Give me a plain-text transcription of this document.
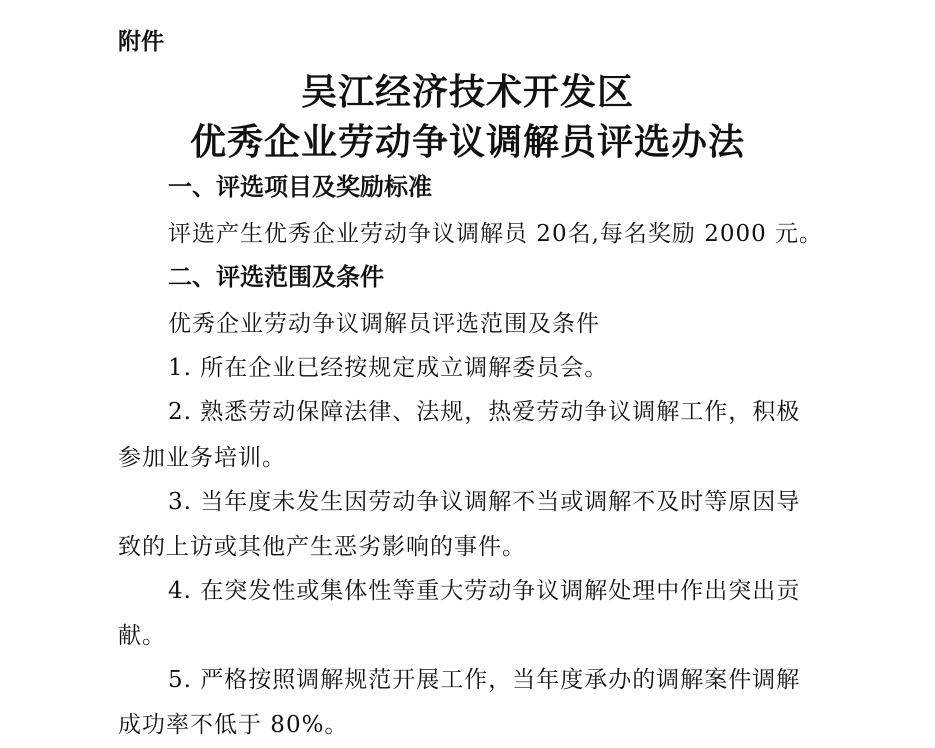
附件
吴江经济技术开发区
优秀企业劳动争议调解员评选办法
一、评选项目及奖励标准
评选产生优秀企业劳动争议调解员 20名,每名奖励 2000 元。
二、评选范围及条件
优秀企业劳动争议调解员评选范围及条件
1. 所在企业已经按规定成立调解委员会。
2. 熟悉劳动保障法律、法规，热爱劳动争议调解工作，积极
参加业务培训。
3. 当年度未发生因劳动争议调解不当或调解不及时等原因导
致的上访或其他产生恶劣影响的事件。
4. 在突发性或集体性等重大劳动争议调解处理中作出突出贡
献。
5. 严格按照调解规范开展工作，当年度承办的调解案件调解
成功率不低于 80%。
